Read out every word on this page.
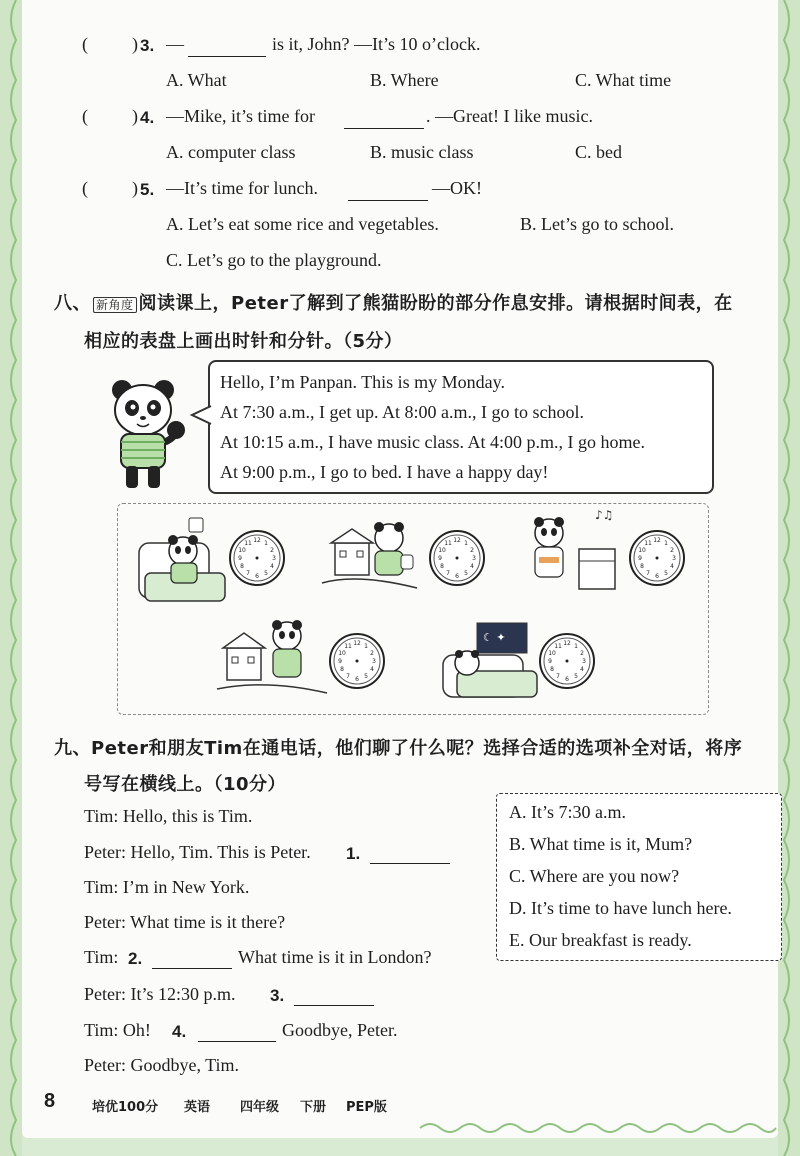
( ) 3. —	is it, John? —It’s 10 o’clock.
A. What	B. Where	C. What time
( ) 4. —Mike, it’s time for	. —Great! I like music.
A. computer class	B. music class	C. bed
( ) 5. —It’s time for lunch.	—OK!
A. Let’s eat some rice and vegetables.	B. Let’s go to school.
C. Let’s go to the playground.
八、 新角度 阅读课上，Peter了解到了熊猫盼盼的部分作息安排。请根据时间表，在
相应的表盘上画出时针和分针。（5分）
Hello, I’m Panpan. This is my Monday.
At 7:30 a.m., I get up. At 8:00 a.m., I go to school.
At 10:15 a.m., I have music class. At 4:00 p.m., I go home.
At 9:00 p.m., I go to bed. I have a happy day!
3
4
5
6	♪♫
☾ ✦
九、Peter和朋友Tim在通电话，他们聊了什么呢？选择合适的选项补全对话，将序
号写在横线上。（10分）
Tim: Hello, this is Tim.
Peter: Hello, Tim. This is Peter. 1.
Tim: I’m in New York.
Peter: What time is it there?
Tim: 2.	What time is it in London?
Peter: It’s 12:30 p.m. 3.
Tim: Oh! 4.	Goodbye, Peter.
Peter: Goodbye, Tim.
A. It’s 7:30 a.m.
B. What time is it, Mum?
C. Where are you now?
D. It’s time to have lunch here.
E. Our breakfast is ready.
8	培优100分 英语 四年级 下册 PEP版
